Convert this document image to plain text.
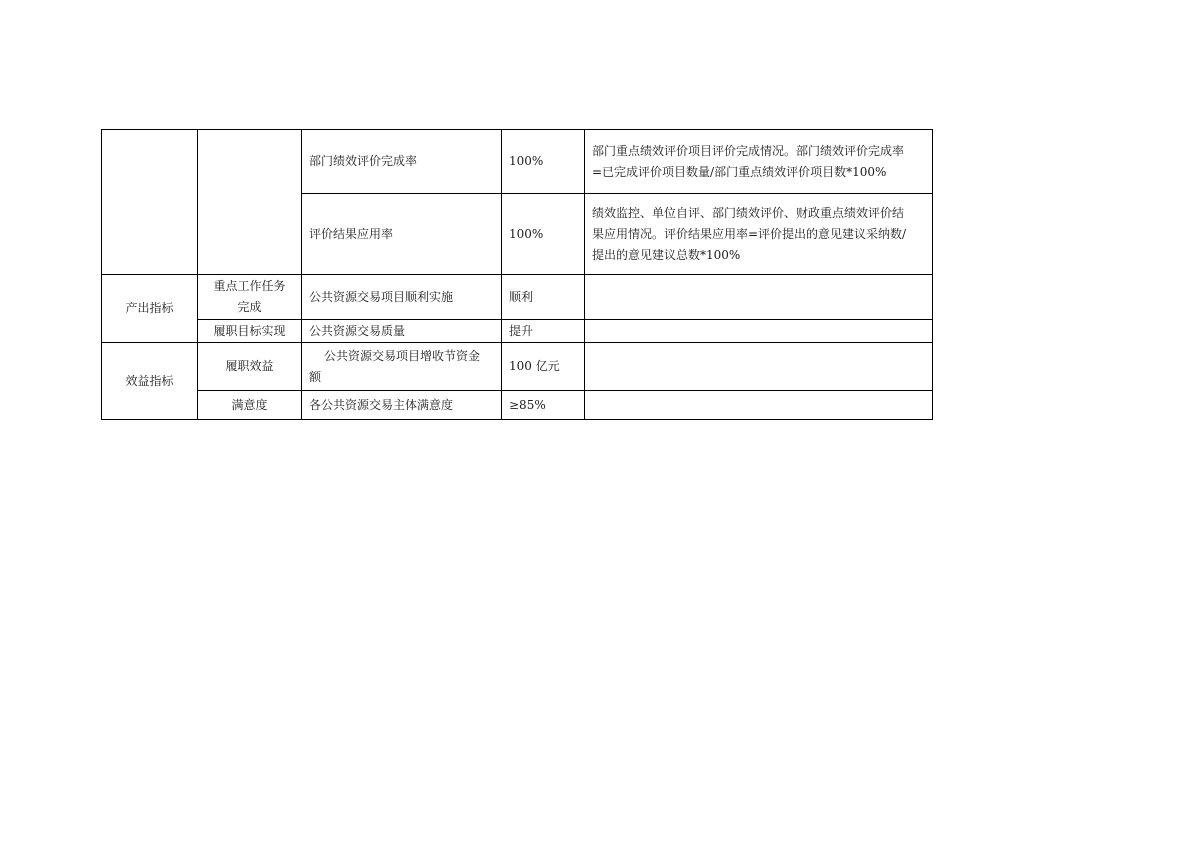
		部门绩效评价完成率	100%	部门重点绩效评价项目评价完成情况。部门绩效评价完成率
=已完成评价项目数量/部门重点绩效评价项目数*100%

		评价结果应用率	100%	绩效监控、单位自评、部门绩效评价、财政重点绩效评价结
果应用情况。评价结果应用率=评价提出的意见建议采纳数/
提出的意见建议总数*100%

产出指标	重点工作任务
完成	公共资源交易项目顺利实施	顺利	
	履职目标实现	公共资源交易质量	提升	
效益指标	履职效益	公共资源交易项目增收节资金
额	100 亿元	
	满意度	各公共资源交易主体满意度	≥85%	
